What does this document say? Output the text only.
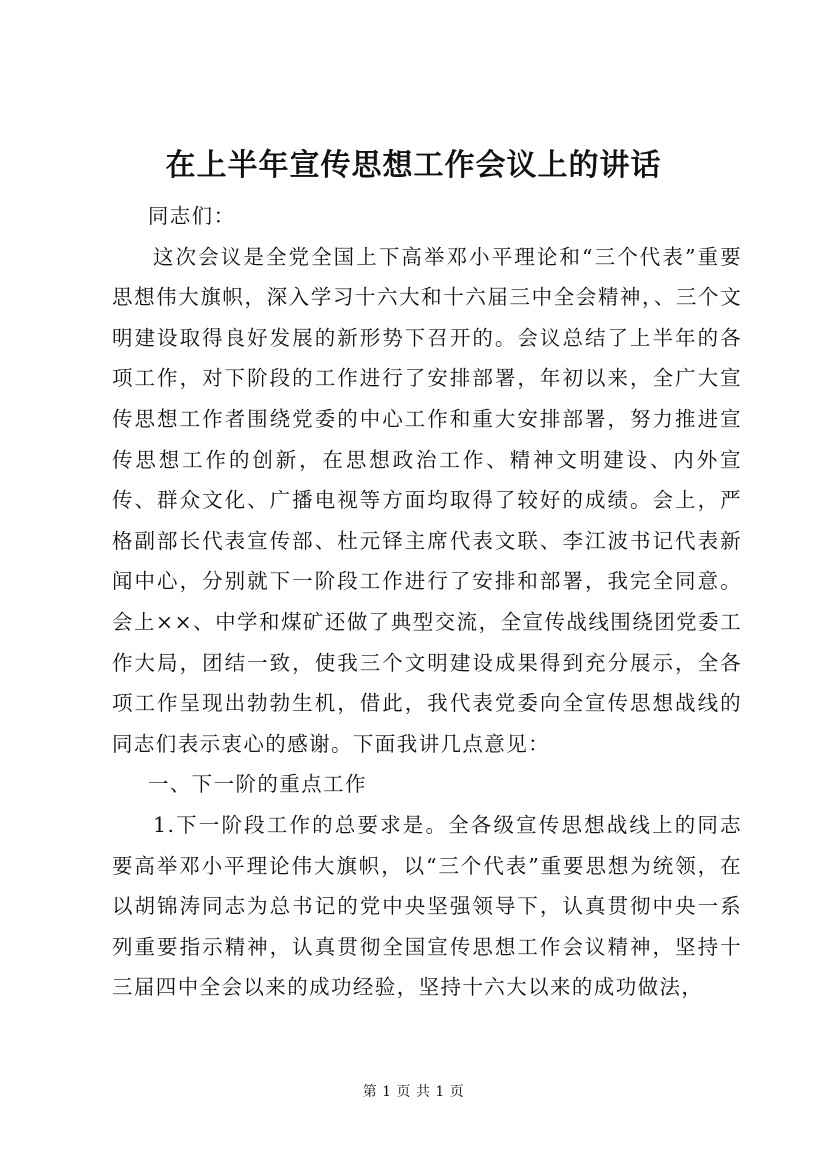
在上半年宣传思想工作会议上的讲话

同志们：

这次会议是全党全国上下高举邓小平理论和“三个代表”重要思想伟大旗帜，深入学习十六大和十六届三中全会精神，、三个文明建设取得良好发展的新形势下召开的。会议总结了上半年的各项工作，对下阶段的工作进行了安排部署，年初以来，全广大宣传思想工作者围绕党委的中心工作和重大安排部署，努力推进宣传思想工作的创新，在思想政治工作、精神文明建设、内外宣传、群众文化、广播电视等方面均取得了较好的成绩。会上，严格副部长代表宣传部、杜元铎主席代表文联、李江波书记代表新闻中心，分别就下一阶段工作进行了安排和部署，我完全同意。会上××、中学和煤矿还做了典型交流，全宣传战线围绕团党委工作大局，团结一致，使我三个文明建设成果得到充分展示，全各项工作呈现出勃勃生机，借此，我代表党委向全宣传思想战线的同志们表示衷心的感谢。下面我讲几点意见：

一、下一阶的重点工作

1.下一阶段工作的总要求是。全各级宣传思想战线上的同志要高举邓小平理论伟大旗帜，以“三个代表”重要思想为统领，在以胡锦涛同志为总书记的党中央坚强领导下，认真贯彻中央一系列重要指示精神，认真贯彻全国宣传思想工作会议精神，坚持十三届四中全会以来的成功经验，坚持十六大以来的成功做法，

第 1 页 共 1 页
